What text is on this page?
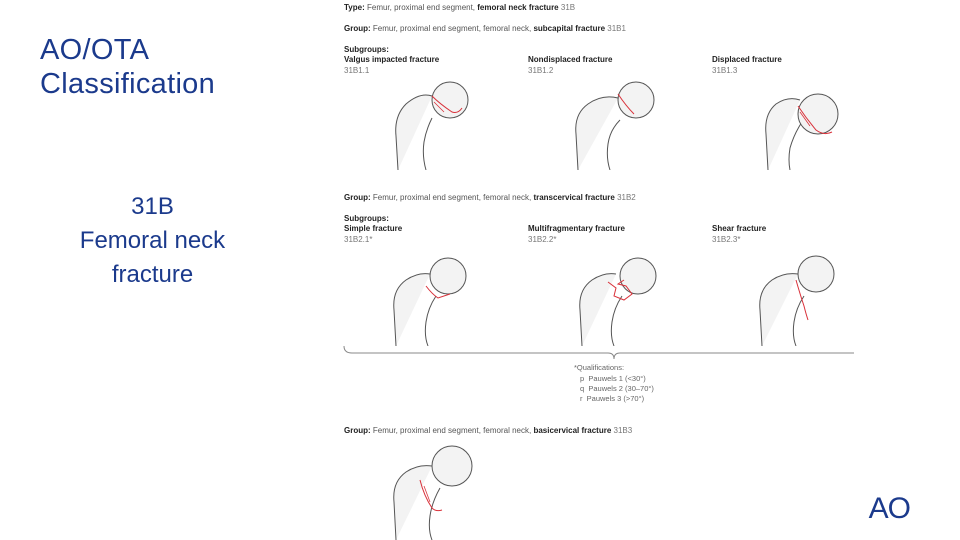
AO/OTA
Classification
31B
Femoral neck
fracture
Type: Femur, proximal end segment, femoral neck fracture 31B
Group: Femur, proximal end segment, femoral neck, subcapital fracture 31B1
Subgroups:
Valgus impacted fracture
31B1.1
Nondisplaced fracture
31B1.2
Displaced fracture
31B1.3
Group: Femur, proximal end segment, femoral neck, transcervical fracture 31B2
Subgroups:
Simple fracture
31B2.1*
Multifragmentary fracture
31B2.2*
Shear fracture
31B2.3*
*Qualifications:
p Pauwels 1 (<30°)
q Pauwels 2 (30–70°)
r Pauwels 3 (>70°)
Group: Femur, proximal end segment, femoral neck, basicervical fracture 31B3
AO
